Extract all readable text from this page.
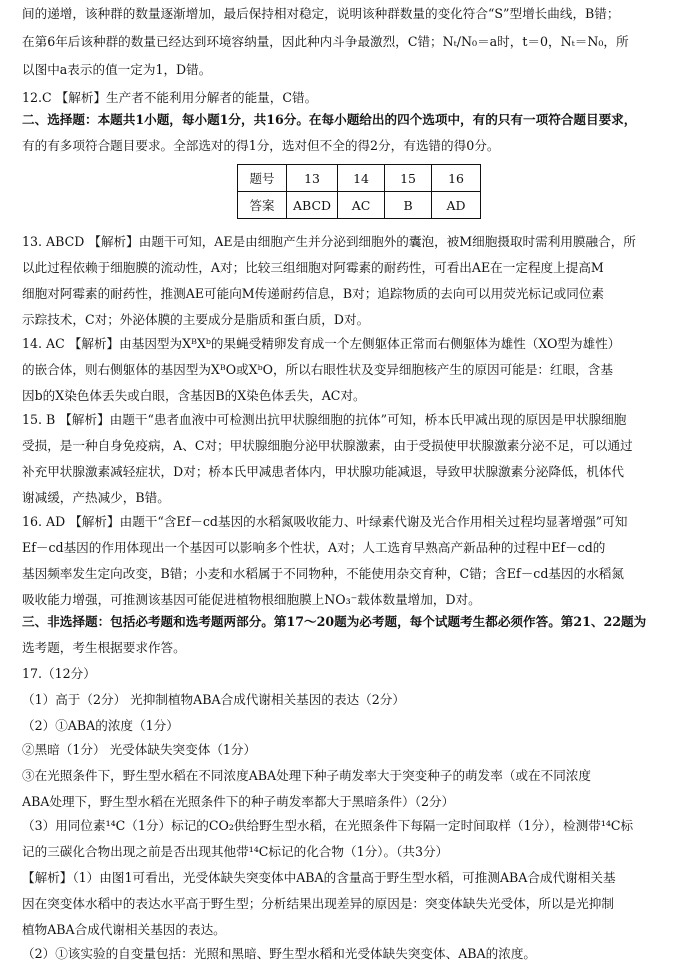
间的递增，该种群的数量逐渐增加，最后保持相对稳定，说明该种群数量的变化符合“S”型增长曲线，B错；
在第6年后该种群的数量已经达到环境容纳量，因此种内斗争最激烈，C错；Nₜ/N₀＝a时，t＝0，Nₜ＝N₀，所
以图中a表示的值一定为1，D错。
12.C 【解析】生产者不能利用分解者的能量，C错。
二、选择题：本题共1小题，每小题1分，共16分。在每小题给出的四个选项中，有的只有一项符合题目要求，
有的有多项符合题目要求。全部选对的得1分，选对但不全的得2分，有选错的得0分。
题号	13	14	15	16
答案	ABCD	AC	B	AD
13. ABCD 【解析】由题干可知，AE是由细胞产生并分泌到细胞外的囊泡，被M细胞摄取时需利用膜融合，所
以此过程依赖于细胞膜的流动性，A对；比较三组细胞对阿霉素的耐药性，可看出AE在一定程度上提高M
细胞对阿霉素的耐药性，推测AE可能向M传递耐药信息，B对；追踪物质的去向可以用荧光标记或同位素
示踪技术，C对；外泌体膜的主要成分是脂质和蛋白质，D对。
14. AC 【解析】由基因型为XᴮXᵇ的果蝇受精卵发育成一个左侧躯体正常而右侧躯体为雄性（XO型为雄性）
的嵌合体，则右侧躯体的基因型为XᴮO或XᵇO，所以右眼性状及变异细胞核产生的原因可能是：红眼，含基
因b的X染色体丢失或白眼，含基因B的X染色体丢失，AC对。
15. B 【解析】由题干“患者血液中可检测出抗甲状腺细胞的抗体”可知，桥本氏甲减出现的原因是甲状腺细胞
受损，是一种自身免疫病，A、C对；甲状腺细胞分泌甲状腺激素，由于受损使甲状腺激素分泌不足，可以通过
补充甲状腺激素减轻症状，D对；桥本氏甲减患者体内，甲状腺功能减退，导致甲状腺激素分泌降低，机体代
谢减缓，产热减少，B错。
16. AD 【解析】由题干“含Ef－cd基因的水稻氮吸收能力、叶绿素代谢及光合作用相关过程均显著增强”可知
Ef－cd基因的作用体现出一个基因可以影响多个性状，A对；人工选育早熟高产新品种的过程中Ef－cd的
基因频率发生定向改变，B错；小麦和水稻属于不同物种，不能使用杂交育种，C错；含Ef－cd基因的水稻氮
吸收能力增强，可推测该基因可能促进植物根细胞膜上NO₃⁻载体数量增加，D对。
三、非选择题：包括必考题和选考题两部分。第17～20题为必考题，每个试题考生都必须作答。第21、22题为
选考题，考生根据要求作答。
17.（12分）
（1）高于（2分） 光抑制植物ABA合成代谢相关基因的表达（2分）
（2）①ABA的浓度（1分）
②黑暗（1分） 光受体缺失突变体（1分）
③在光照条件下，野生型水稻在不同浓度ABA处理下种子萌发率大于突变种子的萌发率（或在不同浓度
ABA处理下，野生型水稻在光照条件下的种子萌发率都大于黑暗条件）（2分）
（3）用同位素¹⁴C（1分）标记的CO₂供给野生型水稻，在光照条件下每隔一定时间取样（1分），检测带¹⁴C标
记的三碳化合物出现之前是否出现其他带¹⁴C标记的化合物（1分）。（共3分）
【解析】（1）由图1可看出，光受体缺失突变体中ABA的含量高于野生型水稻，可推测ABA合成代谢相关基
因在突变体水稻中的表达水平高于野生型；分析结果出现差异的原因是：突变体缺失光受体，所以是光抑制
植物ABA合成代谢相关基因的表达。
（2）①该实验的自变量包括：光照和黑暗、野生型水稻和光受体缺失突变体、ABA的浓度。
